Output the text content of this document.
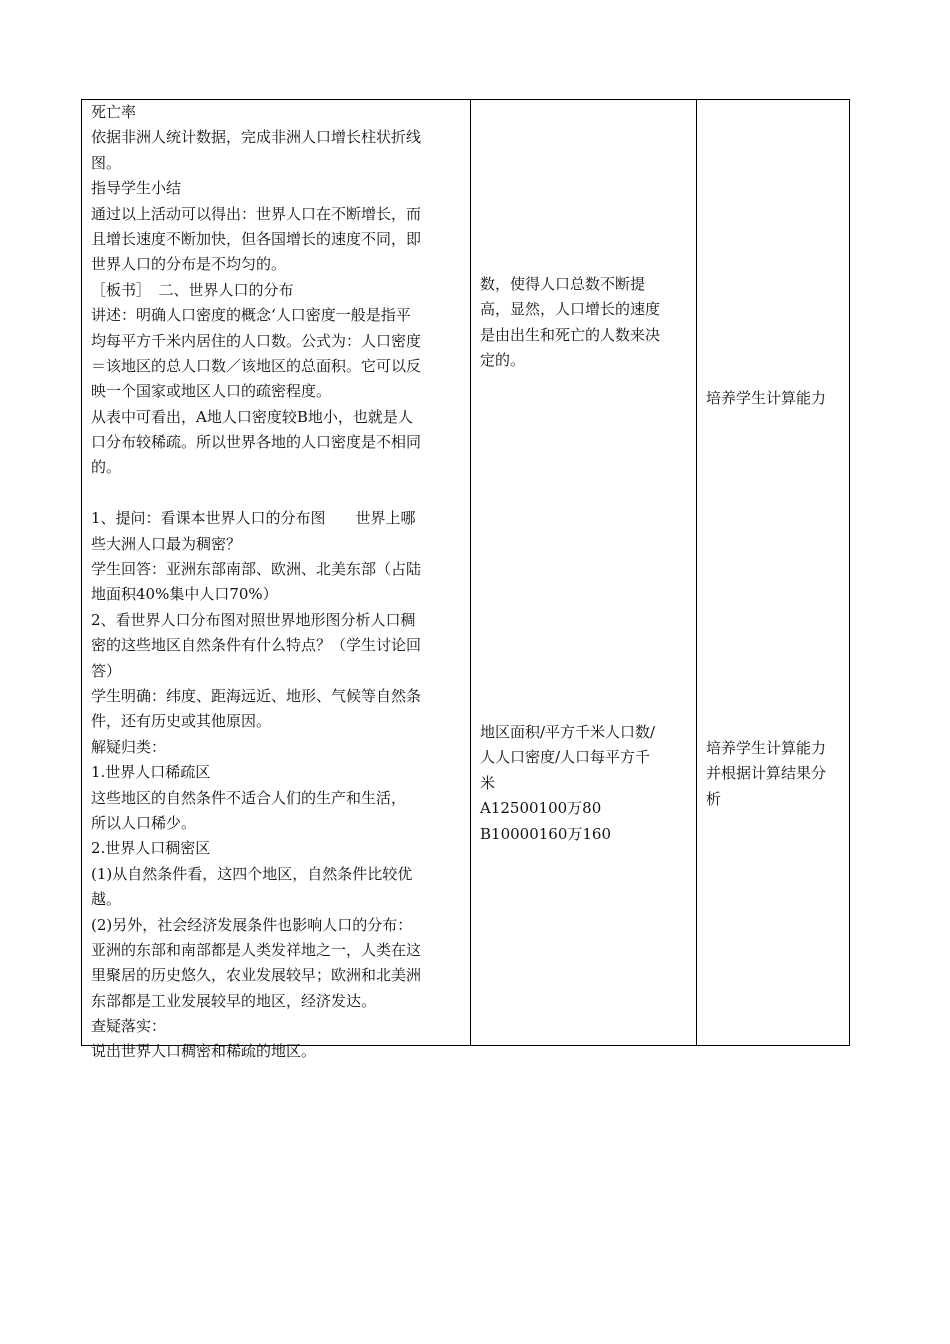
死亡率
依据非洲人统计数据，完成非洲人口增长柱状折线
图。
指导学生小结
通过以上活动可以得出：世界人口在不断增长，而
且增长速度不断加快，但各国增长的速度不同，即
世界人口的分布是不均匀的。
［板书］　二、世界人口的分布
讲述：明确人口密度的概念‘人口密度一般是指平
均每平方千米内居住的人口数。公式为：人口密度
＝该地区的总人口数／该地区的总面积。它可以反
映一个国家或地区人口的疏密程度。
从表中可看出，A地人口密度较B地小，也就是人
口分布较稀疏。所以世界各地的人口密度是不相同
的。
1、提问：看课本世界人口的分布图　　世界上哪
些大洲人口最为稠密？
学生回答：亚洲东部南部、欧洲、北美东部（占陆
地面积40%集中人口70%）
2、看世界人口分布图对照世界地形图分析人口稠
密的这些地区自然条件有什么特点？（学生讨论回
答）
学生明确：纬度、距海远近、地形、气候等自然条
件，还有历史或其他原因。
解疑归类：
1.世界人口稀疏区
这些地区的自然条件不适合人们的生产和生活，
所以人口稀少。
2.世界人口稠密区
(1)从自然条件看，这四个地区，自然条件比较优
越。
(2)另外，社会经济发展条件也影响人口的分布：
亚洲的东部和南部都是人类发祥地之一，人类在这
里聚居的历史悠久，农业发展较早；欧洲和北美洲
东部都是工业发展较早的地区，经济发达。
查疑落实：
说出世界人口稠密和稀疏的地区。
数，使得人口总数不断提
高，显然，人口增长的速度
是由出生和死亡的人数来决
定的。
地区面积/平方千米人口数/
人人口密度/人口每平方千
米
A12500100万80
B10000160万160
培养学生计算能力
培养学生计算能力
并根据计算结果分
析
